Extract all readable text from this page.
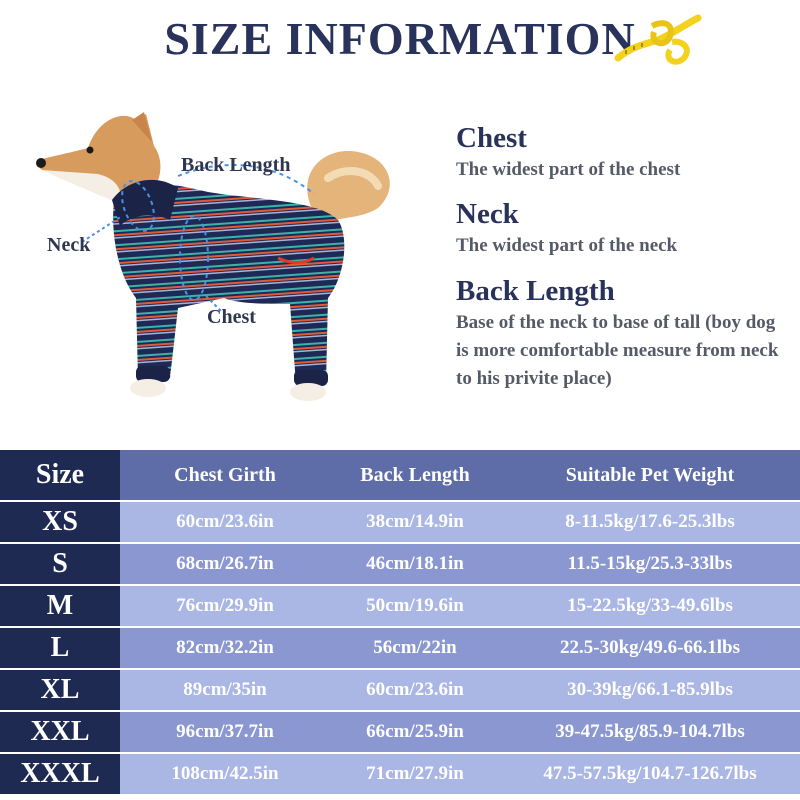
SIZE INFORMATION
Back Length
Neck
Chest
Chest

The widest part of the chest

Neck

The widest part of the neck

Back Length

Base of the neck to base of tall (boy dog is more comfortable measure from neck to his privite place)

Size	Chest Girth	Back Length	Suitable Pet Weight
XS	60cm/23.6in	38cm/14.9in	8-11.5kg/17.6-25.3lbs
S	68cm/26.7in	46cm/18.1in	11.5-15kg/25.3-33lbs
M	76cm/29.9in	50cm/19.6in	15-22.5kg/33-49.6lbs
L	82cm/32.2in	56cm/22in	22.5-30kg/49.6-66.1lbs
XL	89cm/35in	60cm/23.6in	30-39kg/66.1-85.9lbs
XXL	96cm/37.7in	66cm/25.9in	39-47.5kg/85.9-104.7lbs
XXXL	108cm/42.5in	71cm/27.9in	47.5-57.5kg/104.7-126.7lbs
